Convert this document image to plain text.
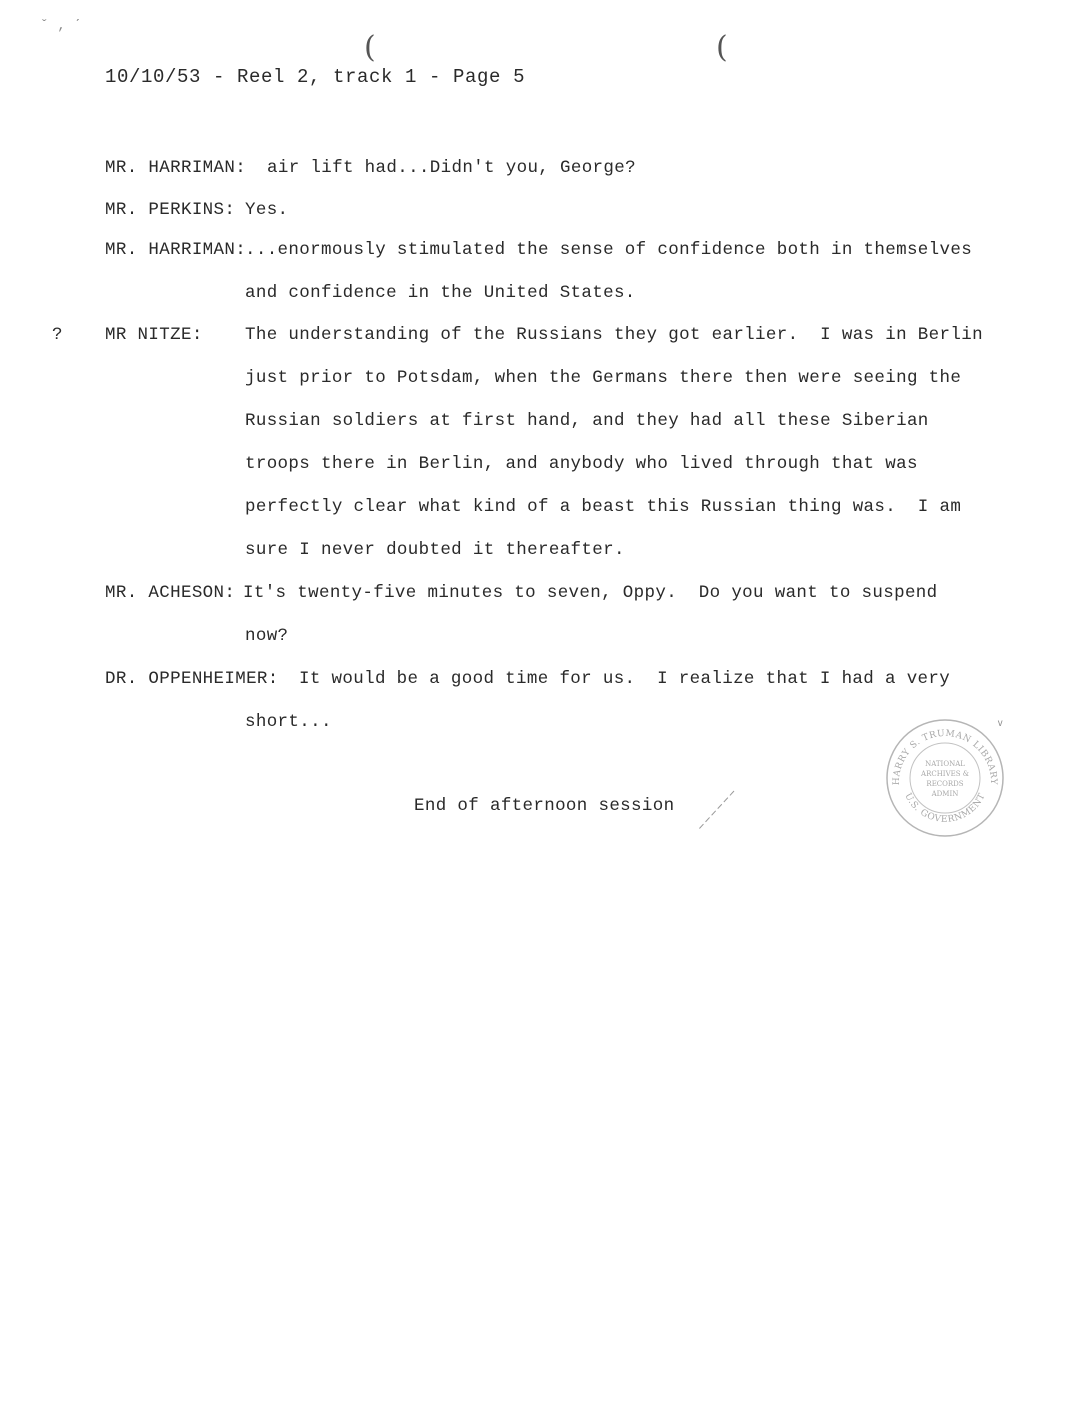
(	(
ˇ ‚ ˊ
10/10/53 - Reel 2, track 1 - Page 5
MR. HARRIMAN: air lift had...Didn't you, George?
MR. PERKINS: Yes.
MR. HARRIMAN:
...enormously stimulated the sense of confidence both in themselves
and confidence in the United States.
? MR NITZE: The understanding of the Russians they got earlier.  I was in Berlin
just prior to Potsdam, when the Germans there then were seeing the
Russian soldiers at first hand, and they had all these Siberian
troops there in Berlin, and anybody who lived through that was
perfectly clear what kind of a beast this Russian thing was.  I am
sure I never doubted it thereafter.
MR. ACHESON: It's twenty-five minutes to seven, Oppy.  Do you want to suspend
now?
DR. OPPENHEIMER: It would be a good time for us.  I realize that I had a very
short...
End of afternoon session
ᵥ
HARRY S. TRUMAN LIBRARY
U.S. GOVERNMENT
NATIONAL
ARCHIVES &
RECORDS
ADMIN
